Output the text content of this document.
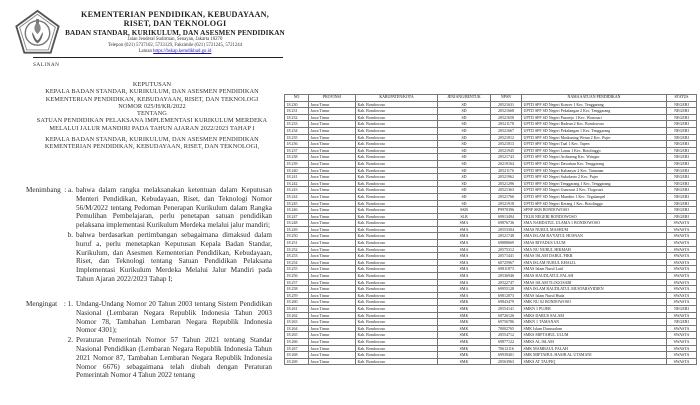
KEMENTERIAN PENDIDIKAN, KEBUDAYAAN,
RISET, DAN TEKNOLOGI
BADAN STANDAR, KURIKULUM, DAN ASESMEN PENDIDIKAN
Jalan Jenderal Sudirman, Senayan, Jakarta 10270
Telepon (021) 5737102, 5733129, Faksimile (021) 5721245, 5721244
Laman https://bskap.kemdikbud.go.id
SALINAN
KEPUTUSAN
KEPALA BADAN STANDAR, KURIKULUM, DAN ASESMEN PENDIDIKAN
KEMENTERIAN PENDIDIKAN, KEBUDAYAAN, RISET, DAN TEKNOLOGI
NOMOR 025/H/KR/2022
TENTANG
SATUAN PENDIDIKAN PELAKSANA IMPLEMENTASI KURIKULUM MERDEKA
MELALUI JALUR MANDIRI PADA TAHUN AJARAN 2022/2023 TAHAP I
KEPALA BADAN STANDAR, KURIKULUM, DAN ASESMEN PENDIDIKAN
KEMENTERIAN PENDIDIKAN, KEBUDAYAAN, RISET, DAN TEKNOLOGI,
Menimbang : a. bahwa dalam rangka melaksanakan ketentuan dalam Keputusan Menteri Pendidikan, Kebudayaan, Riset, dan Teknologi Nomor 56/M/2022 tentang Pedoman Penerapan Kurikulum dalam Rangka Pemulihan Pembelajaran, perlu penetapan satuan pendidikan pelaksana implementasi Kurikulum Merdeka melalui jalur mandiri;
b. bahwa berdasarkan pertimbangan sebagaimana dimaksud dalam huruf a, perlu menetapkan Keputusan Kepala Badan Standar, Kurikulum, dan Asesmen Kementerian Pendidikan, Kebudayaan, Riset, dan Teknologi tentang Satuan Pendidikan Pelaksana Implementasi Kurikulum Merdeka Melalui Jalur Mandiri pada Tahun Ajaran 2022/2023 Tahap I;
Mengingat : 1. Undang-Undang Nomor 20 Tahun 2003 tentang Sistem Pendidikan Nasional (Lembaran Negara Republik Indonesia Tahun 2003 Nomor 78, Tambahan Lembaran Negara Republik Indonesia Nomor 4301);
2. Peraturan Pemerintah Nomor 57 Tahun 2021 tentang Standar Nasional Pendidikan (Lembaran Negara Republik Indonesia Tahun 2021 Nomor 87, Tambahan Lembaran Negara Republik Indonesia Nomor 6676) sebagaimana telah diubah dengan Peraturan Pemerintah Nomor 4 Tahun 2022 tentang
NO	PROVINSI	KABUPATEN/KOTA	JENJANG/BENTUK	NPSN	NAMA SATUAN PENDIDIKAN	STATUS
18.230	Jawa Timur	Kab. Bondowoso	SD	20521631	UPTD SPF SD Negeri Koncer 1 Kec. Tenggarang	NEGERI
18.231	Jawa Timur	Kab. Bondowoso	SD	20521668	UPTD SPF SD Negeri Pekalangan 2 Kec. Tenggarang	NEGERI
18.232	Jawa Timur	Kab. Bondowoso	SD	20521658	UPTD SPF SD Negeri Pasarejo 1 Kec. Wonosari	NEGERI
18.233	Jawa Timur	Kab. Bondowoso	SD	20521178	UPTD SPF SD Negeri Badean 2 Kec. Bondowoso	NEGERI
18.234	Jawa Timur	Kab. Bondowoso	SD	20521667	UPTD SPF SD Negeri Pekalangan 1 Kec. Tenggarang	NEGERI
18.235	Jawa Timur	Kab. Bondowoso	SD	20521812	UPTD SPF SD Negeri Maskuning Wetan 2 Kec. Pujer	NEGERI
18.236	Jawa Timur	Kab. Bondowoso	SD	20521813	UPTD SPF SD Negeri Taal 1 Kec. Tapen	NEGERI
18.237	Jawa Timur	Kab. Bondowoso	SD	20521945	UPTD SPF SD Negeri Lanas 1 Kec. Botolinggo	NEGERI
18.238	Jawa Timur	Kab. Bondowoso	SD	20521743	UPTD SPF SD Negeri Ardisaeng Kec. Wringin	NEGERI
18.239	Jawa Timur	Kab. Bondowoso	SD	20219164	UPTD SPF SD Negeri Dawuhan Kec. Tenggarang	NEGERI
18.240	Jawa Timur	Kab. Bondowoso	SD	20521176	UPTD SPF SD Negeri Kalianyar 2 Kec. Tamanan	NEGERI
18.241	Jawa Timur	Kab. Bondowoso	SD	20521962	UPTD SPF SD Negeri Sukokerto 2 Kec. Pujer	NEGERI
18.242	Jawa Timur	Kab. Bondowoso	SD	20521296	UPTD SPF SD Negeri Tenggarang 1 Kec. Tenggarang	NEGERI
18.243	Jawa Timur	Kab. Bondowoso	SD	20521363	UPTD SPF SD Negeri Gunosari 2 Kec. Tlogosari	NEGERI
18.244	Jawa Timur	Kab. Bondowoso	SD	20521766	UPTD SPF SD Negeri Mandiro 1 Kec. Tegalampel	NEGERI
18.245	Jawa Timur	Kab. Bondowoso	SD	20521918	UPTD SPF SD Negeri Kerang 1 Kec. Botolinggo	NEGERI
18.246	Jawa Timur	Kab. Bondowoso	SKB	P9970396	SPNF SKB BONDOWOSO	NEGERI
18.247	Jawa Timur	Kab. Bondowoso	SLB	69913494	TKLB NEGERI BONDOWOSO	NEGERI
18.248	Jawa Timur	Kab. Bondowoso	SMA	69876736	SMA NAHDATUL ULAMA 1 BONDOWOSO	SWASTA
18.249	Jawa Timur	Kab. Bondowoso	SMA	20553304	SMAS NURUL MASHUM	SWASTA
18.250	Jawa Timur	Kab. Bondowoso	SMA	20521748	SMA ISLAM RA'YATUL HUSNAN	SWASTA
18.251	Jawa Timur	Kab. Bondowoso	SMA	69888669	SMAS RIYADUS ULUM	SWASTA
18.252	Jawa Timur	Kab. Bondowoso	SMA	20575312	SMA NU NURUL HIKMAH	SWASTA
18.253	Jawa Timur	Kab. Bondowoso	SMA	20571441	SMAS ISLAM DARUL FIKR	SWASTA
18.254	Jawa Timur	Kab. Bondowoso	SMA	60725967	SMA ISLAM NURUL KHALIL	SWASTA
18.255	Jawa Timur	Kab. Bondowoso	SMA	69811873	SMAS Islam Nurul Latif	SWASTA
18.256	Jawa Timur	Kab. Bondowoso	SMA	20536946	SMAS RAUDLATUL FALAH	SWASTA
18.257	Jawa Timur	Kab. Bondowoso	SMA	20522747	SMAS ISLAM TLOGOSARI	SWASTA
18.258	Jawa Timur	Kab. Bondowoso	SMA	69955128	SMA ISLAM RAUDLATUL MUSTARSYIDIEN	SWASTA
18.259	Jawa Timur	Kab. Bondowoso	SMA	69812073	SMAS Islam Nurul Huda	SWASTA
18.260	Jawa Timur	Kab. Bondowoso	SMK	69843479	SMK NU 02 BONDOWOSO	SWASTA
18.261	Jawa Timur	Kab. Bondowoso	SMK	20554141	SMKN 1 PUJER	NEGERI
18.262	Jawa Timur	Kab. Bondowoso	SMK	69726126	SMKS DARUS SALAM	SWASTA
18.263	Jawa Timur	Kab. Bondowoso	SMK	69756786	SMKN 1 TAMANAN	NEGERI
18.264	Jawa Timur	Kab. Bondowoso	SMK	70002765	SMK Islam Darussalam	SWASTA
18.265	Jawa Timur	Kab. Bondowoso	SMK	20554712	SMKS MIFTAHUL ULUM	SWASTA
18.266	Jawa Timur	Kab. Bondowoso	SMK	69877122	SMKS AL ISLAM	SWASTA
18.267	Jawa Timur	Kab. Bondowoso	SMK	70612116	SMK MAMBAUL FALAH	SWASTA
18.268	Jawa Timur	Kab. Bondowoso	SMK	69939401	SMK MIFTAHUL HASIB AL UTSMANI	SWASTA
18.269	Jawa Timur	Kab. Bondowoso	SMK	20563963	SMKS AT TAUFIQ	SWASTA
